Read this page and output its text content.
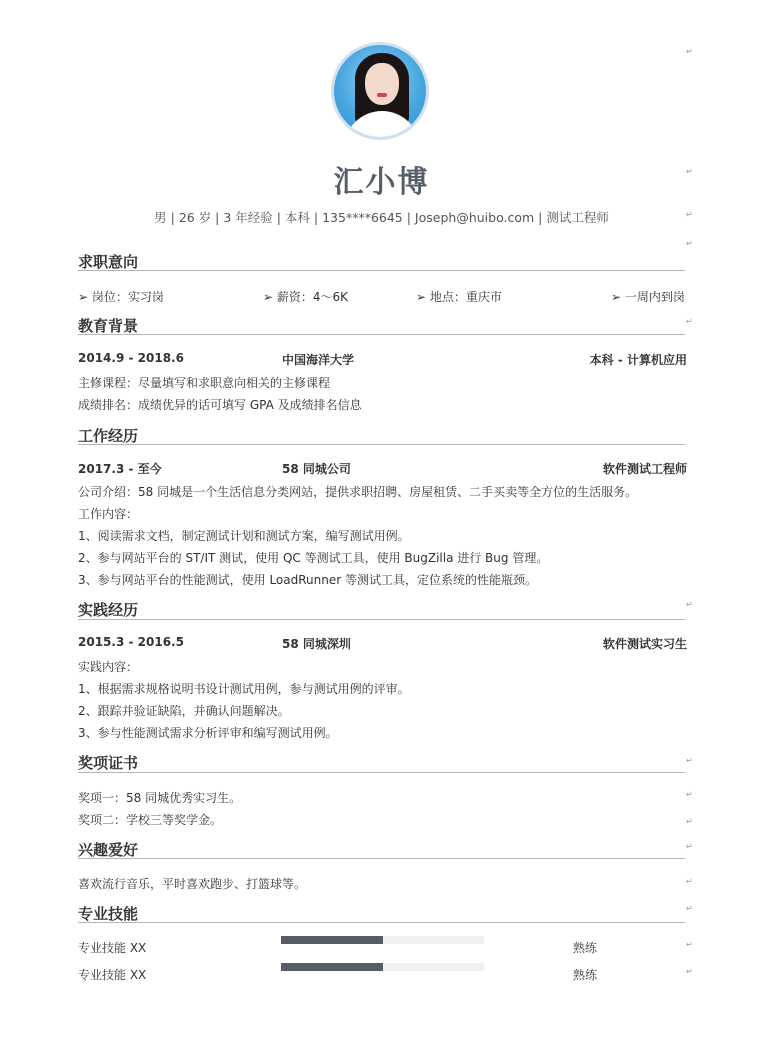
汇小博
男 | 26 岁 | 3 年经验 | 本科 | 135****6645 | Joseph@huibo.com | 测试工程师
↵
↵
↵
↵
↵
↵
↵
↵
↵
↵
↵
↵
↵
↵
求职意向
➢ 岗位：实习岗	➢ 薪资：4～6K	➢ 地点：重庆市	➢ 一周内到岗
教育背景
2014.9 - 2018.6	中国海洋大学	本科 - 计算机应用
主修课程：尽量填写和求职意向相关的主修课程
成绩排名：成绩优异的话可填写 GPA 及成绩排名信息
工作经历
2017.3 - 至今	58 同城公司	软件测试工程师
公司介绍：58 同城是一个生活信息分类网站，提供求职招聘、房屋租赁、二手买卖等全方位的生活服务。
工作内容：
1、阅读需求文档，制定测试计划和测试方案，编写测试用例。
2、参与网站平台的 ST/IT 测试，使用 QC 等测试工具，使用 BugZilla 进行 Bug 管理。
3、参与网站平台的性能测试，使用 LoadRunner 等测试工具，定位系统的性能瓶颈。
实践经历
2015.3 - 2016.5	58 同城深圳	软件测试实习生
实践内容：
1、根据需求规格说明书设计测试用例，参与测试用例的评审。
2、跟踪并验证缺陷，并确认问题解决。
3、参与性能测试需求分析评审和编写测试用例。
奖项证书
奖项一：58 同城优秀实习生。
奖项二：学校三等奖学金。
兴趣爱好
喜欢流行音乐，平时喜欢跑步、打篮球等。
专业技能
专业技能 XX	熟练
专业技能 XX	熟练
